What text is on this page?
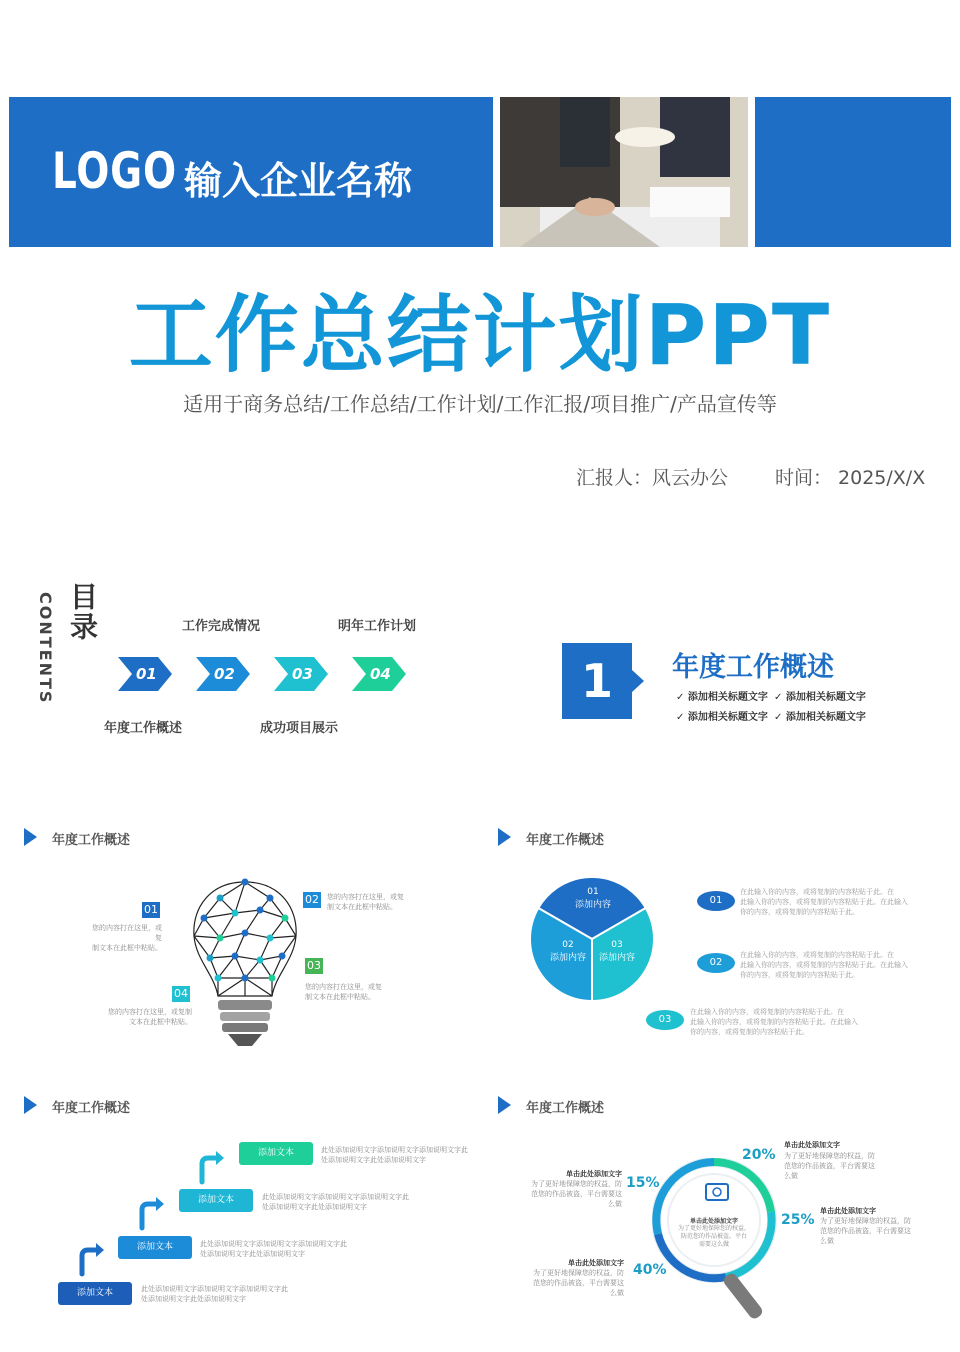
LOGO 输入企业名称
工作总结计划PPT
适用于商务总结/工作总结/工作计划/工作汇报/项目推广/产品宣传等
汇报人：风云办公 时间： 2025/X/X
目录
CONTENTS	01	02	03	04
年度工作概述
工作完成情况
成功项目展示
明年工作计划
1	年度工作概述
✓ 添加相关标题文字 ✓ 添加相关标题文字
✓ 添加相关标题文字 ✓ 添加相关标题文字
年度工作概述
01
您的内容打在这里，或复
制文本在此框中粘贴。
02 您的内容打在这里，或复
制文本在此框中粘贴。
03
您的内容打在这里，或复
制文本在此框中粘贴。
04
您的内容打在这里，或复制
文本在此框中粘贴。
年度工作概述
01
添加内容
02
添加内容
03
添加内容
01
在此输入你的内容，或将复制的内容粘贴于此。在
此输入你的内容，或将复制的内容粘贴于此。在此输入
你的内容，或将复制的内容粘贴于此。
02
在此输入你的内容，或将复制的内容粘贴于此。在
此输入你的内容，或将复制的内容粘贴于此。在此输入
你的内容，或将复制的内容粘贴于此。
03
在此输入你的内容，或将复制的内容粘贴于此。在
此输入你的内容，或将复制的内容粘贴于此。在此输入
你的内容，或将复制的内容粘贴于此。
年度工作概述
添加文本	此处添加说明文字添加说明文字添加说明文字此
处添加说明文字此处添加说明文字
添加文本	此处添加说明文字添加说明文字添加说明文字此
处添加说明文字此处添加说明文字
添加文本	此处添加说明文字添加说明文字添加说明文字此
处添加说明文字此处添加说明文字
添加文本	此处添加说明文字添加说明文字添加说明文字此
处添加说明文字此处添加说明文字
年度工作概述
单击此处添加文字
为了更好地保障您的权益，
防范您的作品被盗，平台
需要这么做
20%
单击此处添加文字
为了更好地保障您的权益，防
范您的作品被盗，平台需要这
么做
25%
单击此处添加文字
为了更好地保障您的权益，防
范您的作品被盗，平台需要这
么做
15%
单击此处添加文字
为了更好地保障您的权益，防
范您的作品被盗，平台需要这
么做
40%
单击此处添加文字
为了更好地保障您的权益，防
范您的作品被盗，平台需要这
么做
